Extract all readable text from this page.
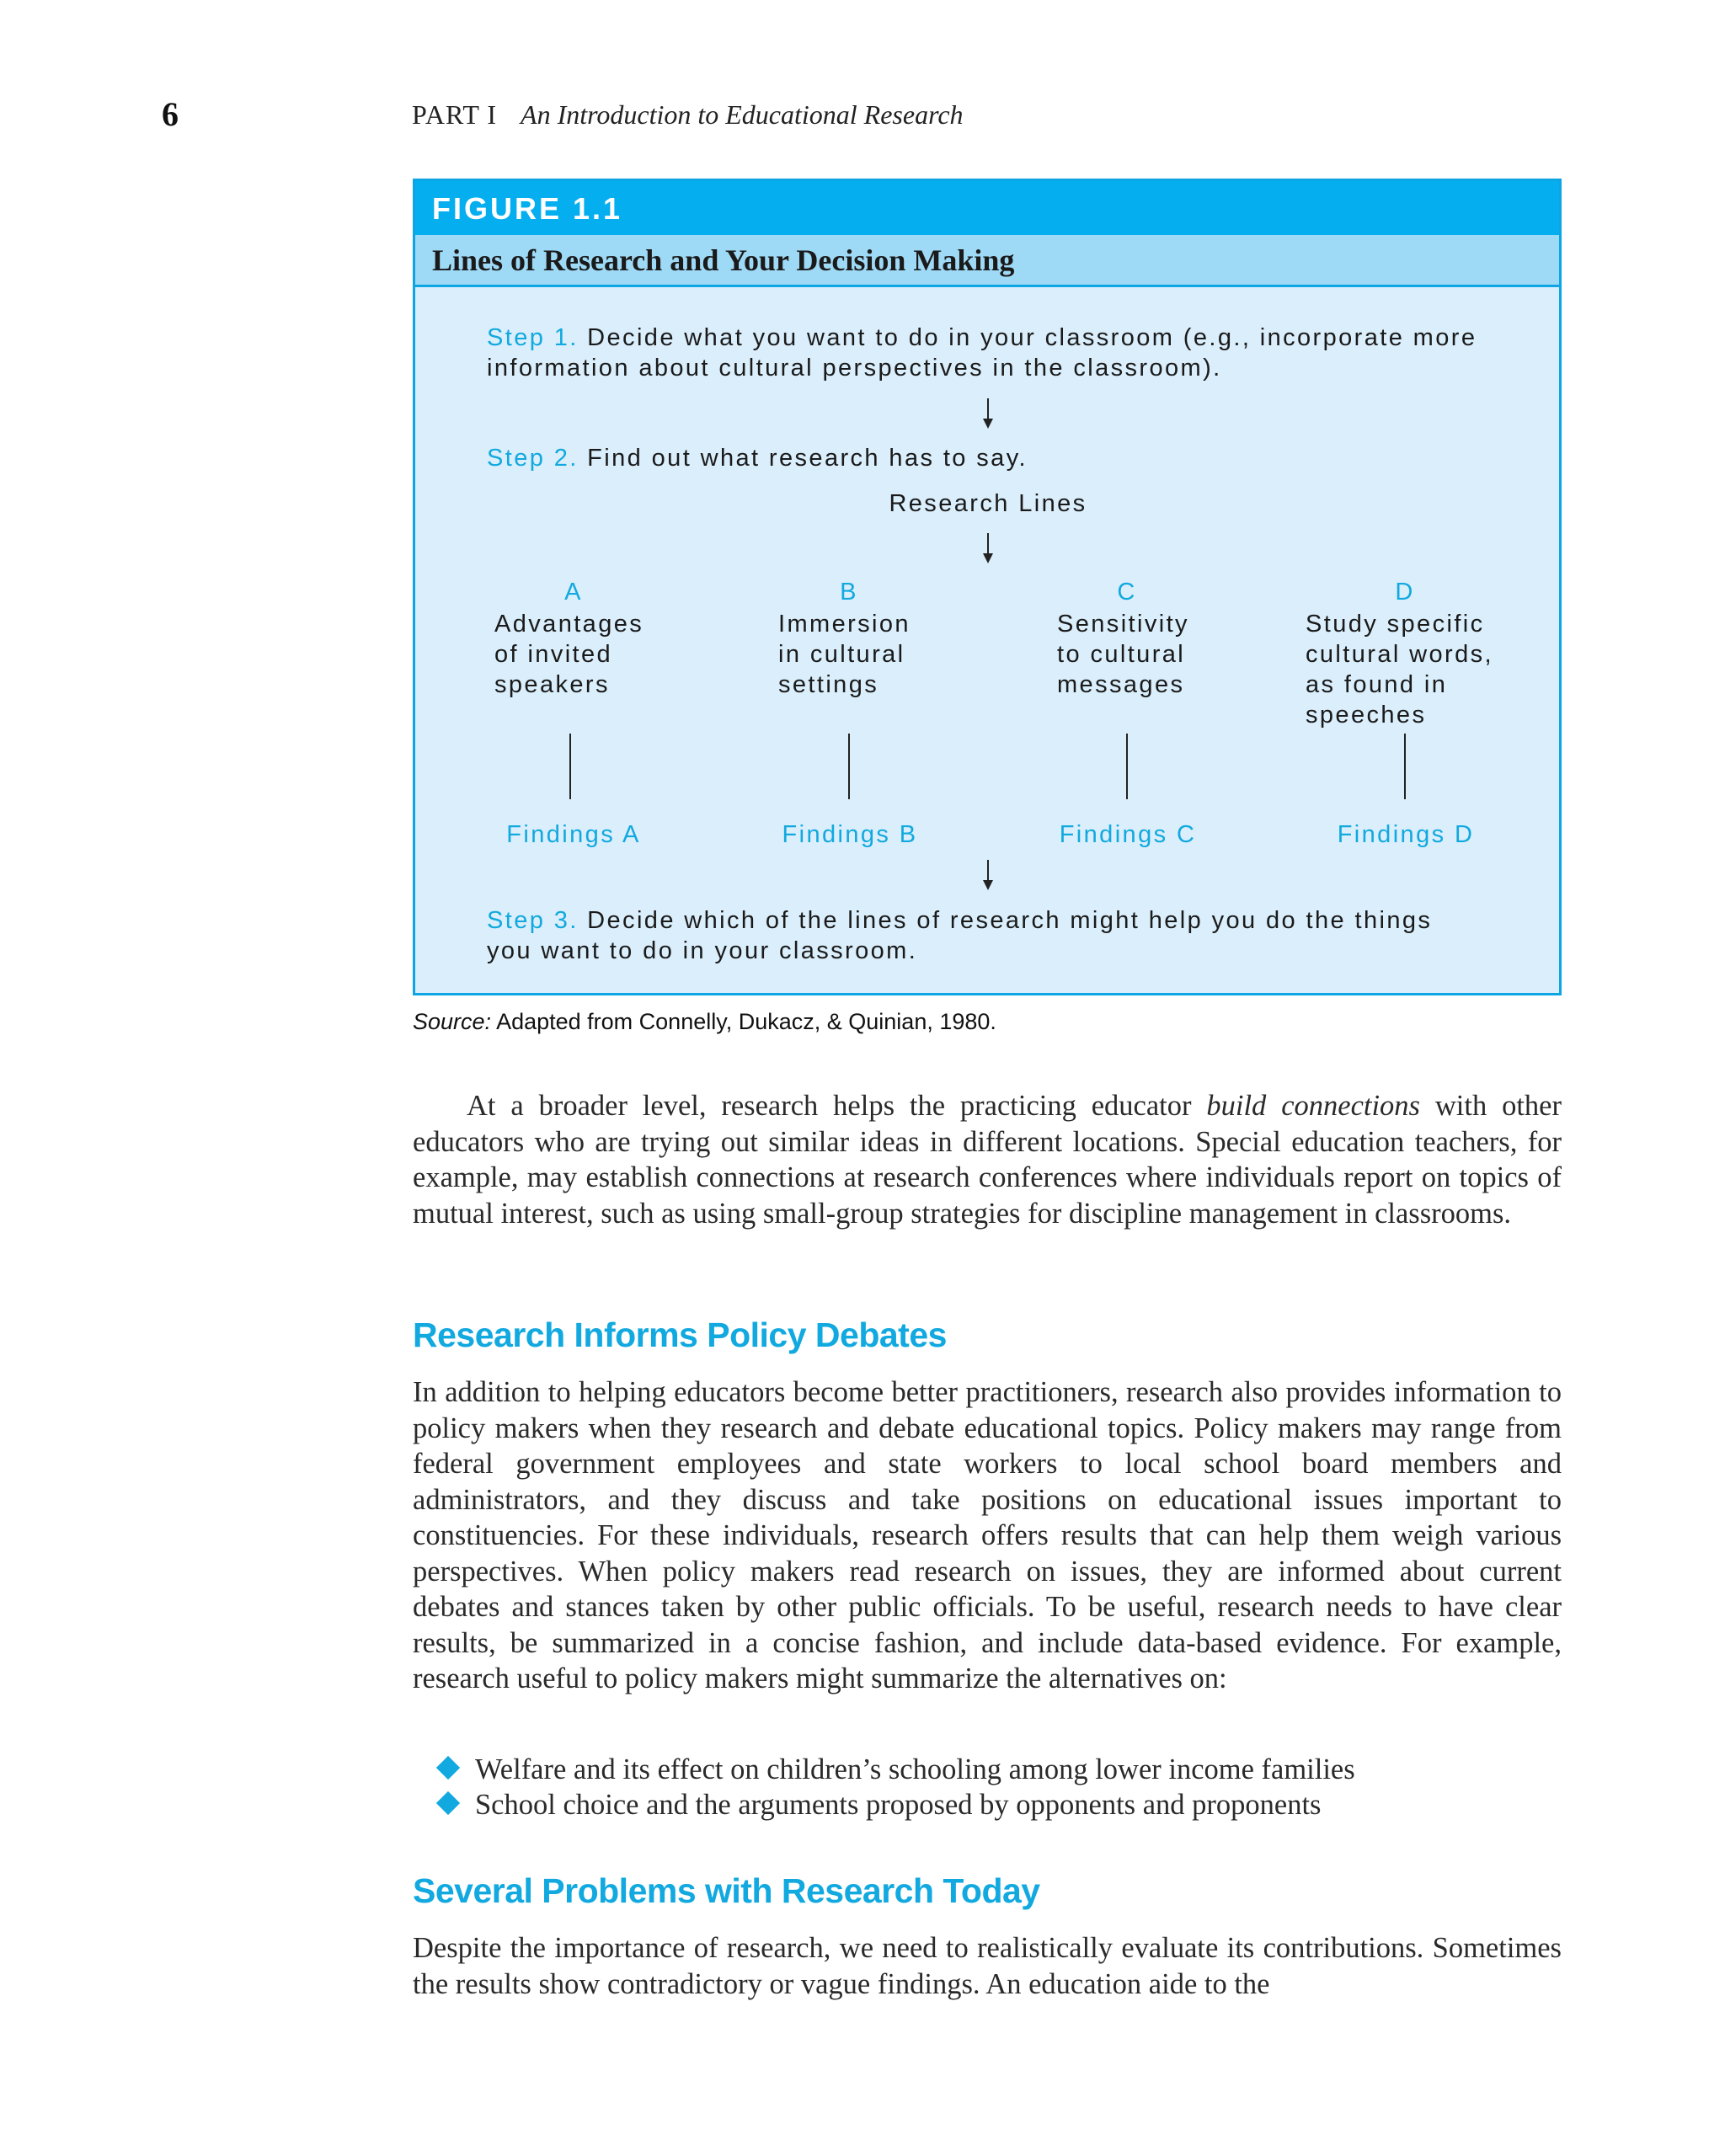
6	PART I An Introduction to Educational Research
FIGURE 1.1
Lines of Research and Your Decision Making
Step 1. Decide what you want to do in your classroom (e.g., incorporate more
information about cultural perspectives in the classroom).
Step 2. Find out what research has to say.
Research Lines
A	B	C	D
Advantages
of invited
speakers
Immersion
in cultural
settings
Sensitivity
to cultural
messages
Study specific
cultural words,
as found in
speeches
Findings A	Findings B	Findings C	Findings D
Step 3. Decide which of the lines of research might help you do the things
you want to do in your classroom.
Source: Adapted from Connelly, Dukacz, & Quinian, 1980.

At a broader level, research helps the practicing educator build connections with other educators who are trying out similar ideas in different locations. Special education teachers, for example, may establish connections at research conferences where individuals report on topics of mutual interest, such as using small-group strategies for discipline management in classrooms.

Research Informs Policy Debates

In addition to helping educators become better practitioners, research also provides information to policy makers when they research and debate educational topics. Policy makers may range from federal government employees and state workers to local school board members and administrators, and they discuss and take positions on educational issues important to constituencies. For these individuals, research offers results that can help them weigh various perspectives. When policy makers read research on issues, they are informed about current debates and stances taken by other public officials. To be useful, research needs to have clear results, be summarized in a concise fashion, and include data-based evidence. For example, research useful to policy makers might summarize the alternatives on:

Welfare and its effect on children’s schooling among lower income families
School choice and the arguments proposed by opponents and proponents
Several Problems with Research Today

Despite the importance of research, we need to realistically evaluate its contributions. Sometimes the results show contradictory or vague findings. An education aide to the
